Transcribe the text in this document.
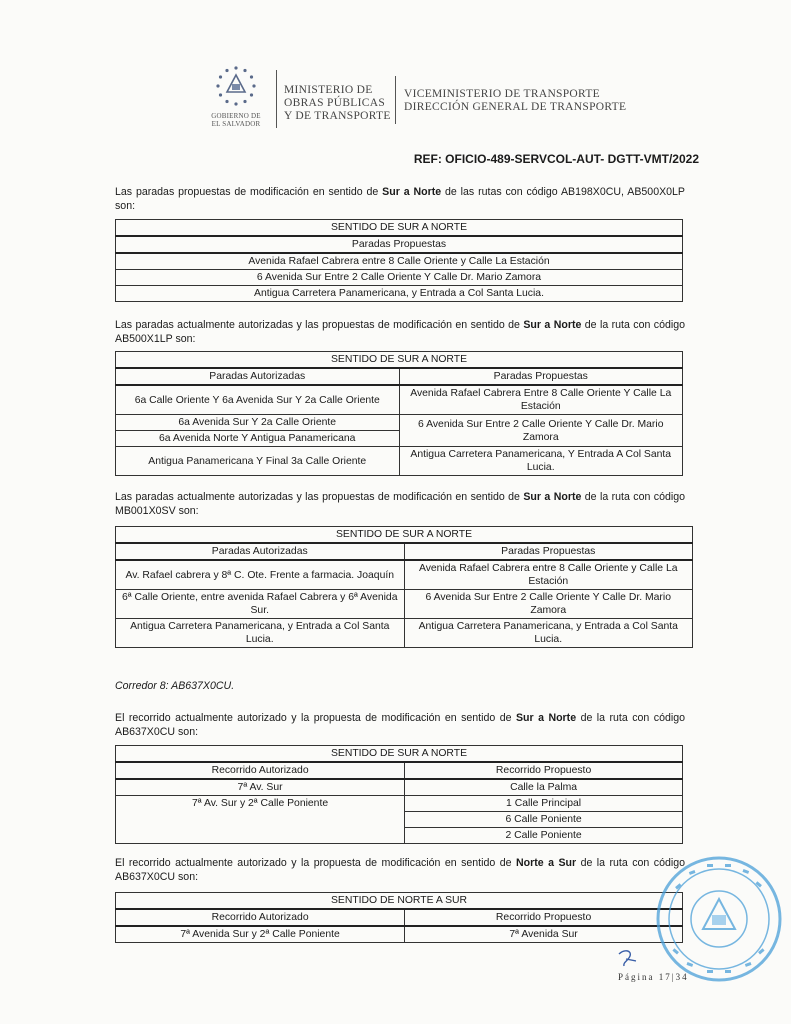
GOBIERNO DE
EL SALVADOR
MINISTERIO DE
OBRAS PÚBLICAS
Y DE TRANSPORTE
VICEMINISTERIO DE TRANSPORTE
DIRECCIÓN GENERAL DE TRANSPORTE
REF: OFICIO-489-SERVCOL-AUT- DGTT-VMT/2022
Las paradas propuestas de modificación en sentido de Sur a Norte de las rutas con código AB198X0CU, AB500X0LP son:
SENTIDO DE SUR A NORTE
Paradas Propuestas
Avenida Rafael Cabrera entre 8 Calle Oriente y Calle La Estación
6 Avenida Sur Entre 2 Calle Oriente Y Calle Dr. Mario Zamora
Antigua Carretera Panamericana, y Entrada a Col Santa Lucia.
Las paradas actualmente autorizadas y las propuestas de modificación en sentido de Sur a Norte de la ruta con código AB500X1LP son:
SENTIDO DE SUR A NORTE	
Paradas Autorizadas	Paradas Propuestas
6a Calle Oriente Y 6a Avenida Sur Y 2a Calle Oriente	Avenida Rafael Cabrera Entre 8 Calle Oriente Y Calle La Estación
6a Avenida Sur Y 2a Calle Oriente	6 Avenida Sur Entre 2 Calle Oriente Y Calle Dr. Mario Zamora
6a Avenida Norte Y Antigua Panamericana	
Antigua Panamericana Y Final 3a Calle Oriente	Antigua Carretera Panamericana, Y Entrada A Col Santa Lucia.
Las paradas actualmente autorizadas y las propuestas de modificación en sentido de Sur a Norte de la ruta con código MB001X0SV son:
SENTIDO DE SUR A NORTE	
Paradas Autorizadas	Paradas Propuestas
Av. Rafael cabrera y 8ª C. Ote. Frente a farmacia. Joaquín	Avenida Rafael Cabrera entre 8 Calle Oriente y Calle La Estación
6ª Calle Oriente, entre avenida Rafael Cabrera y 6ª Avenida Sur.	6 Avenida Sur Entre 2 Calle Oriente Y Calle Dr. Mario Zamora
Antigua Carretera Panamericana, y Entrada a Col Santa Lucia.	Antigua Carretera Panamericana, y Entrada a Col Santa Lucia.
Corredor 8: AB637X0CU.
El recorrido actualmente autorizado y la propuesta de modificación en sentido de Sur a Norte de la ruta con código AB637X0CU son:
SENTIDO DE SUR A NORTE	
Recorrido Autorizado	Recorrido Propuesto
7ª Av. Sur	Calle la Palma
7ª Av. Sur y 2ª Calle Poniente	1 Calle Principal
	6 Calle Poniente
	2 Calle Poniente
El recorrido actualmente autorizado y la propuesta de modificación en sentido de Norte a Sur de la ruta con código AB637X0CU son:
SENTIDO DE NORTE A SUR	
Recorrido Autorizado	Recorrido Propuesto
7ª Avenida Sur y 2ª Calle Poniente	7ª Avenida Sur
Página 17|34
